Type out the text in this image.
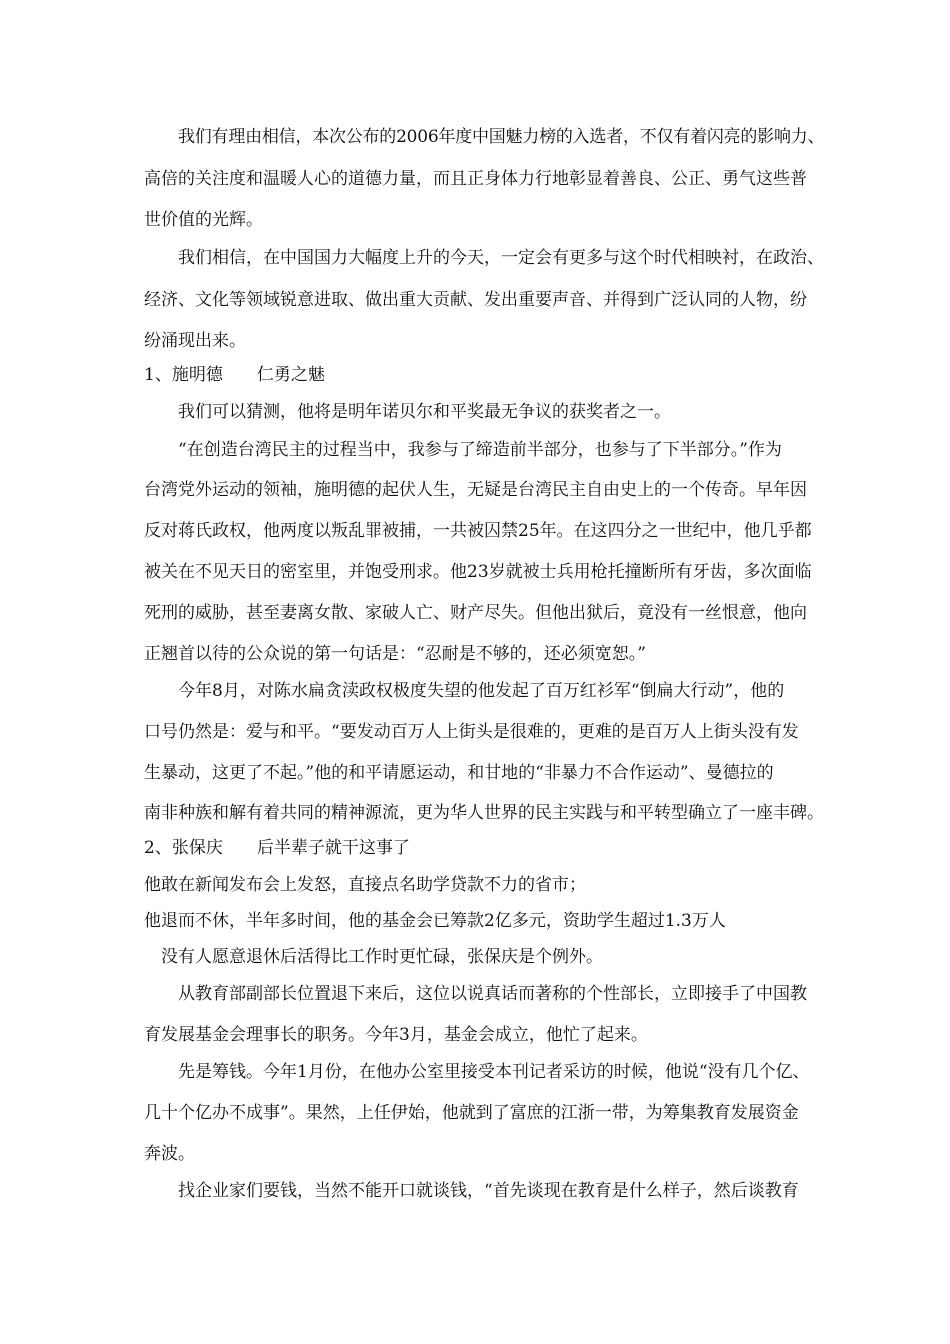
我们有理由相信，本次公布的2006年度中国魅力榜的入选者，不仅有着闪亮的影响力、
高倍的关注度和温暖人心的道德力量，而且正身体力行地彰显着善良、公正、勇气这些普
世价值的光辉。
我们相信，在中国国力大幅度上升的今天，一定会有更多与这个时代相映衬，在政治、
经济、文化等领域锐意进取、做出重大贡献、发出重要声音、并得到广泛认同的人物，纷
纷涌现出来。
1、施明德　　仁勇之魅
我们可以猜测，他将是明年诺贝尔和平奖最无争议的获奖者之一。
“在创造台湾民主的过程当中，我参与了缔造前半部分，也参与了下半部分。”作为
台湾党外运动的领袖，施明德的起伏人生，无疑是台湾民主自由史上的一个传奇。早年因
反对蒋氏政权，他两度以叛乱罪被捕，一共被囚禁25年。在这四分之一世纪中，他几乎都
被关在不见天日的密室里，并饱受刑求。他23岁就被士兵用枪托撞断所有牙齿，多次面临
死刑的威胁，甚至妻离女散、家破人亡、财产尽失。但他出狱后，竟没有一丝恨意，他向
正翘首以待的公众说的第一句话是：“忍耐是不够的，还必须宽恕。”
今年8月，对陈水扁贪渎政权极度失望的他发起了百万红衫军“倒扁大行动”，他的
口号仍然是：爱与和平。“要发动百万人上街头是很难的，更难的是百万人上街头没有发
生暴动，这更了不起。”他的和平请愿运动，和甘地的“非暴力不合作运动”、曼德拉的
南非种族和解有着共同的精神源流，更为华人世界的民主实践与和平转型确立了一座丰碑。
2、张保庆　　后半辈子就干这事了
他敢在新闻发布会上发怒，直接点名助学贷款不力的省市；
他退而不休，半年多时间，他的基金会已筹款2亿多元，资助学生超过1.3万人
没有人愿意退休后活得比工作时更忙碌，张保庆是个例外。
从教育部副部长位置退下来后，这位以说真话而著称的个性部长，立即接手了中国教
育发展基金会理事长的职务。今年3月，基金会成立，他忙了起来。
先是筹钱。今年1月份，在他办公室里接受本刊记者采访的时候，他说“没有几个亿、
几十个亿办不成事”。果然，上任伊始，他就到了富庶的江浙一带，为筹集教育发展资金
奔波。
找企业家们要钱，当然不能开口就谈钱，“首先谈现在教育是什么样子，然后谈教育
